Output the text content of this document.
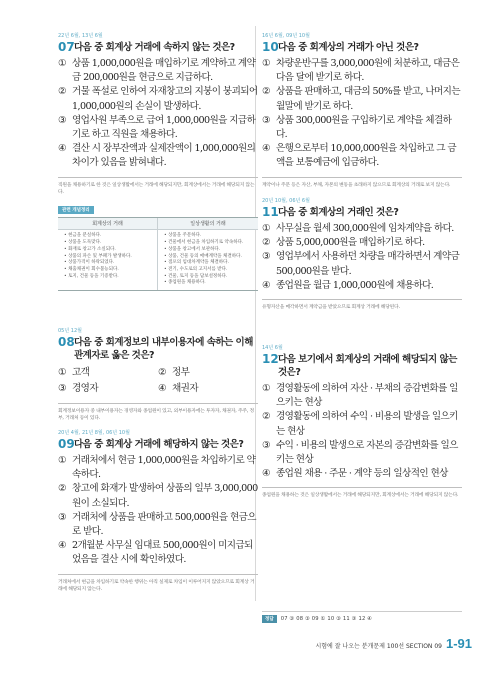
22년 6월, 13년 6월
07 다음 중 회계상 거래에 속하지 않는 것은?
① 상품 1,000,000원을 매입하기로 계약하고 계약금 200,000원을 현금으로 지급하다.
② 거물 폭설로 인하여 자재창고의 지붕이 붕괴되어 1,000,000원의 손실이 발생하다.
③ 영업사원 부족으로 급여 1,000,000원을 지급하기로 하고 직원을 채용하다.
④ 결산 시 장부잔액과 실제잔액이 1,000,000원의 차이가 있음을 밝혀내다.
직원을 채용하기로 한 것은 일상생활에서는 거래에 해당되지만, 회계상에서는 거래에 해당되지 않는다.
관련 개념정리
회계상의 거래	일상생활의 거래
• 현금을 분실하다.
• 상품을 도둑맞다.
• 화재로 창고가 소실되다.
• 상품의 파손 및 부패가 발생하다.
• 상품가격이 하락되었다.
• 채출채권이 회수불능되다.
• 토지, 건물 등을 기증받다.
• 상품을 주문하다.
• 건물에서 현금을 차입하기로 약속하다.
• 상품을 창고에서 보관하다.
• 상품, 건물 등의 매매계약을 체결하다.
• 점포의 임대차계약을 체결하다.
• 전기, 수도로의 고지서를 받다.
• 건물, 토지 등을 담보설정하다.
• 종업원을 채용하다.
05년 12월
08 다음 중 회계정보의 내부이용자에 속하는 이해관계자로 옳은 것은?
① 고객	② 정부
③ 경영자	④ 채권자
회계정보이용자 중 내부이용자는 경영자와 종업원이 있고, 외부이용자에는 투자자, 채권자, 주주, 정부, 거래처 등이 있다.
20년 4월, 21년 8월, 06년 10월
09 다음 중 회계상 거래에 해당하지 않는 것은?
① 거래처에서 현금 1,000,000원을 차입하기로 약속하다.
② 창고에 화재가 발생하여 상품의 일부 3,000,000원이 소실되다.
③ 거래처에 상품을 판매하고 500,000원을 현금으로 받다.
④ 2개월분 사무실 임대료 500,000원이 미지급되었음을 결산 시에 확인하였다.
거래처에서 현금을 차입하기로 약속한 행위는 아직 실제로 차입이 이루어지지 않았으므로 회계상 거래에 해당되지 않는다.
16년 6월, 09년 10월
10 다음 중 회계상의 거래가 아닌 것은?
① 차량운반구를 3,000,000원에 처분하고, 대금은 다음 달에 받기로 하다.
② 상품을 판매하고, 대금의 50%를 받고, 나머지는 월말에 받기로 하다.
③ 상품 300,000원을 구입하기로 계약을 체결하다.
④ 은행으로부터 10,000,000원을 차입하고 그 금액을 보통예금에 입금하다.
계약이나 주문 등은 자산, 부채, 자본의 변동을 초래하지 않으므로 회계상의 거래로 보지 않는다.
20년 10월, 06년 6월
11 다음 중 회계상의 거래인 것은?
① 사무실을 월세 300,000원에 임차계약을 하다.
② 상품 5,000,000원을 매입하기로 하다.
③ 영업부에서 사용하던 차량을 매각하면서 계약금 500,000원을 받다.
④ 종업원을 월급 1,000,000원에 채용하다.
유형자산을 매각하면서 계약금을 받았으므로 회계상 거래에 해당된다.
14년 6월
12 다음 보기에서 회계상의 거래에 해당되지 않는 것은?
① 경영활동에 의하여 자산 · 부채의 증감변화를 일으키는 현상
② 경영활동에 의하여 수익 · 비용의 발생을 일으키는 현상
③ 수익 · 비용의 발생으로 자본의 증감변화를 일으키는 현상
④ 종업원 채용 · 주문 · 계약 등의 일상적인 현상
종업원을 채용하는 것은 일상생활에서는 거래에 해당되지만, 회계상에서는 거래에 해당되지 않는다.
정답	07 ③ 08 ③ 09 ① 10 ③ 11 ③ 12 ④
시험에 잘 나오는 분개문제 100선 SECTION 09 1-91
